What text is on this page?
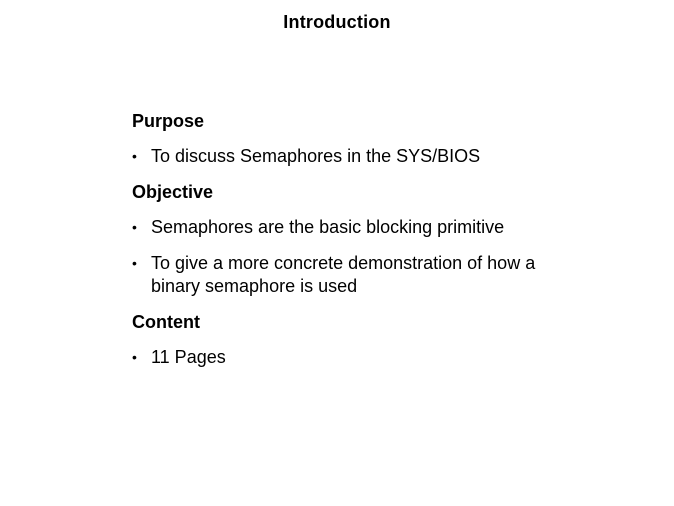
Introduction
Purpose
• To discuss Semaphores in the SYS/BIOS
Objective
• Semaphores are the basic blocking primitive
• To give a more concrete demonstration of how a binary semaphore is used
Content
• 11 Pages
